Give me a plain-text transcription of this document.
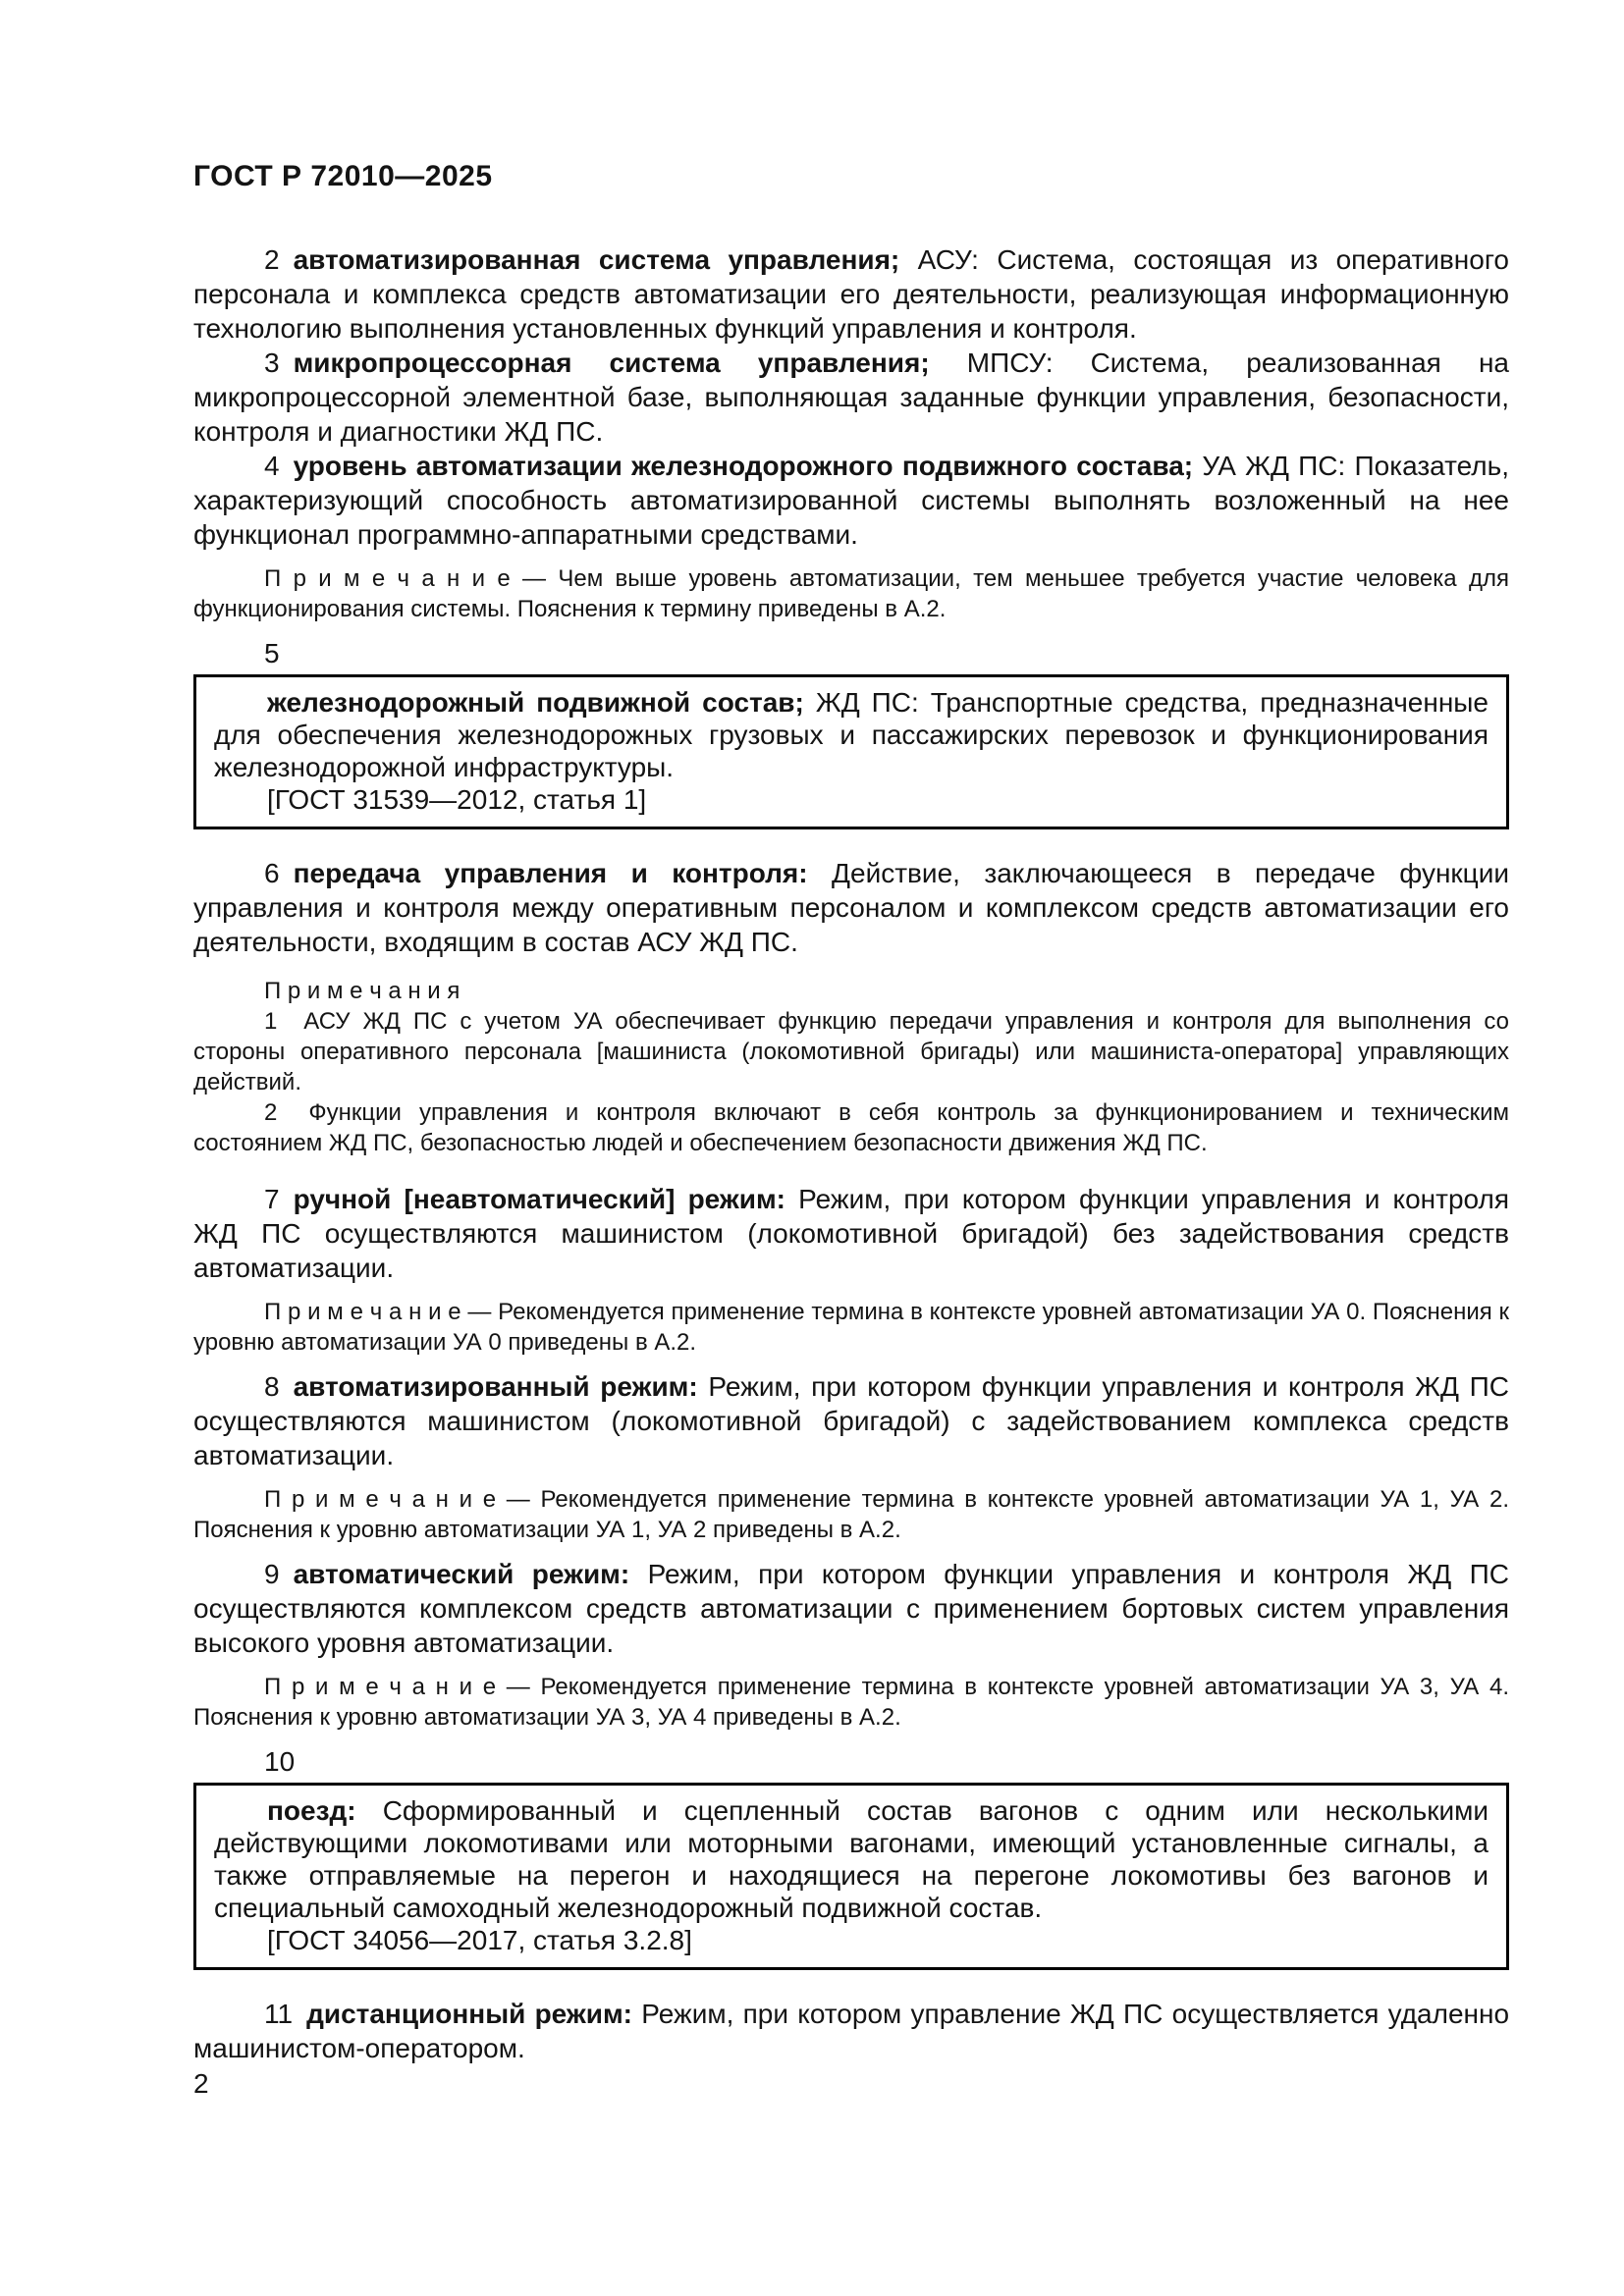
ГОСТ Р 72010—2025

2 автоматизированная система управления; АСУ: Система, состоящая из оперативного персонала и комплекса средств автоматизации его деятельности, реализующая информационную технологию выполнения установленных функций управления и контроля.

3 микропроцессорная система управления; МПСУ: Система, реализованная на микропроцессорной элементной базе, выполняющая заданные функции управления, безопасности, контроля и диагностики ЖД ПС.

4 уровень автоматизации железнодорожного подвижного состава; УА ЖД ПС: Показатель, характеризующий способность автоматизированной системы выполнять возложенный на нее функционал программно-аппаратными средствами.

П р и м е ч а н и е — Чем выше уровень автоматизации, тем меньшее требуется участие человека для функционирования системы. Пояснения к термину приведены в А.2.

5

железнодорожный подвижной состав; ЖД ПС: Транспортные средства, предназначенные для обеспечения железнодорожных грузовых и пассажирских перевозок и функционирования железнодорожной инфраструктуры.

[ГОСТ 31539—2012, статья 1]

6 передача управления и контроля: Действие, заключающееся в передаче функции управления и контроля между оперативным персоналом и комплексом средств автоматизации его деятельности, входящим в состав АСУ ЖД ПС.

П р и м е ч а н и я

1 АСУ ЖД ПС с учетом УА обеспечивает функцию передачи управления и контроля для выполнения со стороны оперативного персонала [машиниста (локомотивной бригады) или машиниста-оператора] управляющих действий.

2 Функции управления и контроля включают в себя контроль за функционированием и техническим состоянием ЖД ПС, безопасностью людей и обеспечением безопасности движения ЖД ПС.

7 ручной [неавтоматический] режим: Режим, при котором функции управления и контроля ЖД ПС осуществляются машинистом (локомотивной бригадой) без задействования средств автоматизации.

П р и м е ч а н и е — Рекомендуется применение термина в контексте уровней автоматизации УА 0. Пояснения к уровню автоматизации УА 0 приведены в А.2.

8 автоматизированный режим: Режим, при котором функции управления и контроля ЖД ПС осуществляются машинистом (локомотивной бригадой) с задействованием комплекса средств автоматизации.

П р и м е ч а н и е — Рекомендуется применение термина в контексте уровней автоматизации УА 1, УА 2. Пояснения к уровню автоматизации УА 1, УА 2 приведены в А.2.

9 автоматический режим: Режим, при котором функции управления и контроля ЖД ПС осуществляются комплексом средств автоматизации с применением бортовых систем управления высокого уровня автоматизации.

П р и м е ч а н и е — Рекомендуется применение термина в контексте уровней автоматизации УА 3, УА 4. Пояснения к уровню автоматизации УА 3, УА 4 приведены в А.2.

10

поезд: Сформированный и сцепленный состав вагонов с одним или несколькими действующими локомотивами или моторными вагонами, имеющий установленные сигналы, а также отправляемые на перегон и находящиеся на перегоне локомотивы без вагонов и специальный самоходный железнодорожный подвижной состав.

[ГОСТ 34056—2017, статья 3.2.8]

11 дистанционный режим: Режим, при котором управление ЖД ПС осуществляется удаленно машинистом-оператором.

2
